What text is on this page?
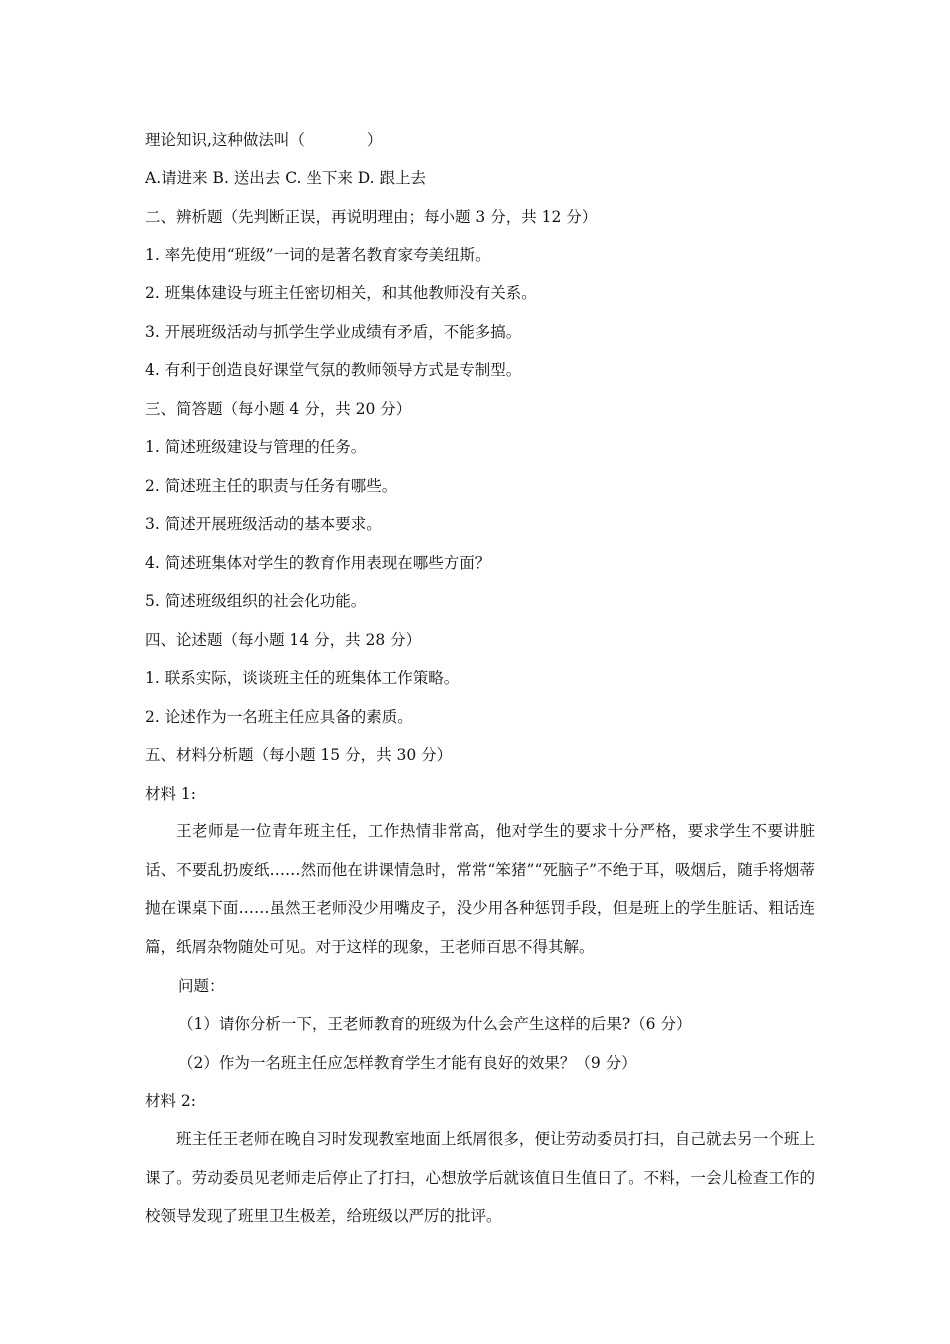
理论知识,这种做法叫（　　　　）
A.请进来 B. 送出去 C. 坐下来 D. 跟上去
二、辨析题（先判断正误，再说明理由；每小题 3 分，共 12 分）
1. 率先使用“班级”一词的是著名教育家夸美纽斯。
2. 班集体建设与班主任密切相关，和其他教师没有关系。
3. 开展班级活动与抓学生学业成绩有矛盾，不能多搞。
4. 有利于创造良好课堂气氛的教师领导方式是专制型。
三、简答题（每小题 4 分，共 20 分）
1. 简述班级建设与管理的任务。
2. 简述班主任的职责与任务有哪些。
3. 简述开展班级活动的基本要求。
4. 简述班集体对学生的教育作用表现在哪些方面？
5. 简述班级组织的社会化功能。
四、论述题（每小题 14 分，共 28 分）
1. 联系实际，谈谈班主任的班集体工作策略。
2. 论述作为一名班主任应具备的素质。
五、材料分析题（每小题 15 分，共 30 分）
材料 1:
王老师是一位青年班主任，工作热情非常高，他对学生的要求十分严格，要求学生不要讲脏话、不要乱扔废纸……然而他在讲课情急时，常常“笨猪”“死脑子”不绝于耳，吸烟后，随手将烟蒂抛在课桌下面……虽然王老师没少用嘴皮子，没少用各种惩罚手段，但是班上的学生脏话、粗话连篇，纸屑杂物随处可见。对于这样的现象，王老师百思不得其解。
问题：
（1）请你分析一下，王老师教育的班级为什么会产生这样的后果?（6 分）
（2）作为一名班主任应怎样教育学生才能有良好的效果？（9 分）
材料 2:
班主任王老师在晚自习时发现教室地面上纸屑很多，便让劳动委员打扫，自己就去另一个班上课了。劳动委员见老师走后停止了打扫，心想放学后就该值日生值日了。不料，一会儿检查工作的校领导发现了班里卫生极差，给班级以严厉的批评。
